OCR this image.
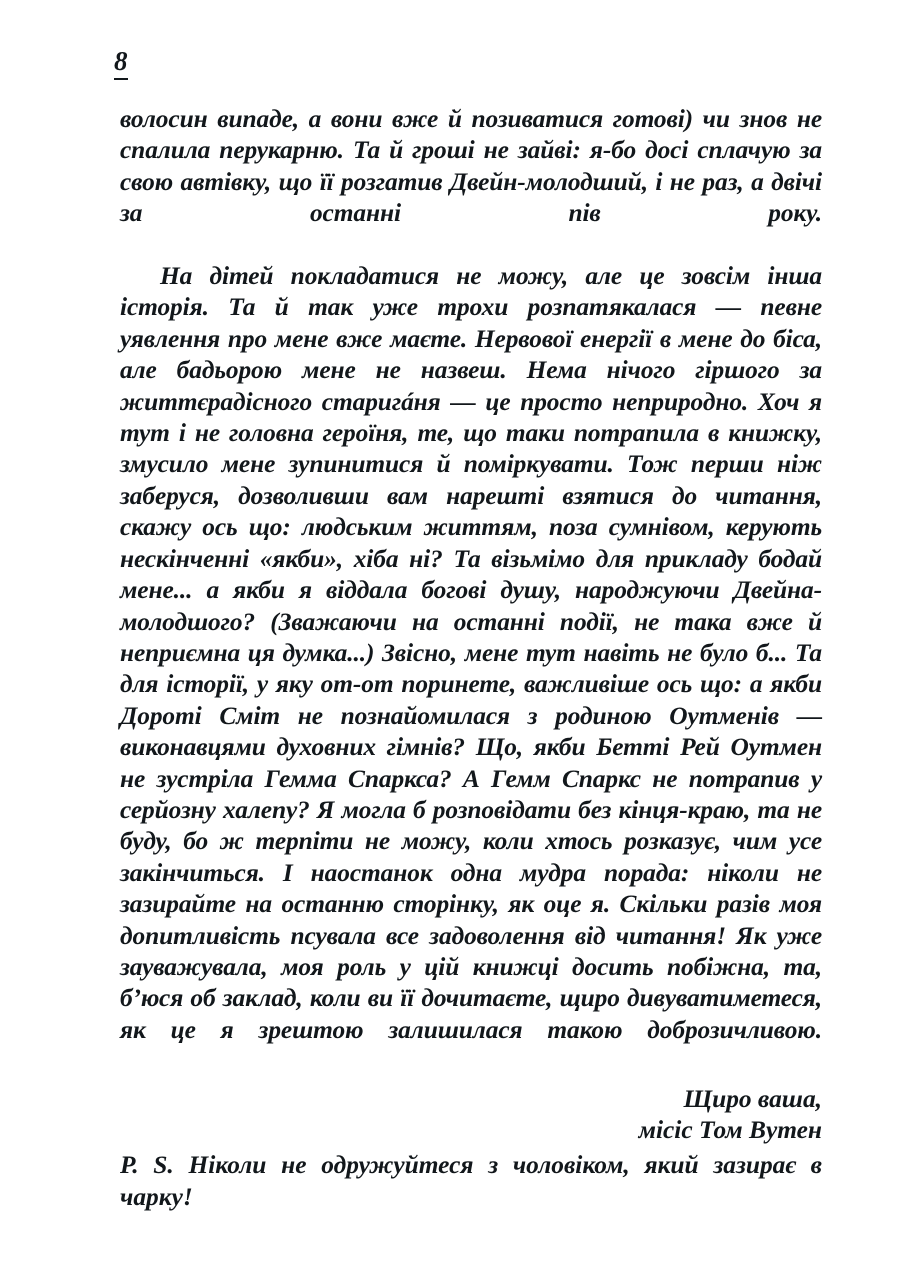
8

волосин випаде, а вони вже й позиватися готові) чи знов не спалила перукарню. Та й гроші не зайві: я-бо досі сплачую за свою автівку, що її розгатив Двейн-молодший, і не раз, а двічі за останні пів року.

На дітей покладатися не можу, але це зовсім інша історія. Та й так уже трохи розпатякалася — певне уявлення про мене вже маєте. Нервової енергії в мене до біса, але бадьорою мене не назвеш. Нема нічого гіршого за життєрадісного старигáня — це просто неприродно. Хоч я тут і не головна героїня, те, що таки потрапила в книжку, змусило мене зупинитися й поміркувати. Тож перши ніж заберуся, дозволивши вам нарешті взятися до читання, скажу ось що: людським життям, поза сумнівом, керують нескінченні «якби», хіба ні? Та візьмімо для прикладу бодай мене... а якби я віддала богові душу, народжуючи Двейна-молодшого? (Зважаючи на останні події, не така вже й неприємна ця думка...) Звісно, мене тут навіть не було б... Та для історії, у яку от-от поринете, важливіше ось що: а якби Дороті Сміт не познайомилася з родиною Оутменів — виконавцями духовних гімнів? Що, якби Бетті Рей Оутмен не зустріла Гемма Спаркса? А Гемм Спаркс не потрапив у серйозну халепу? Я могла б розповідати без кінця-краю, та не буду, бо ж терпіти не можу, коли хтось розказує, чим усе закінчиться. І наостанок одна мудра порада: ніколи не зазирайте на останню сторінку, як оце я. Скільки разів моя допитливість псувала все задоволення від читання! Як уже зауважувала, моя роль у цій книжці досить побіжна, та, б’юся об заклад, коли ви її дочитаєте, щиро дивуватиметеся, як це я зрештою залишилася такою доброзичливою.

Щиро ваша,
місіс Том Вутен

P. S. Ніколи не одружуйтеся з чоловіком, який зазирає в чарку!
